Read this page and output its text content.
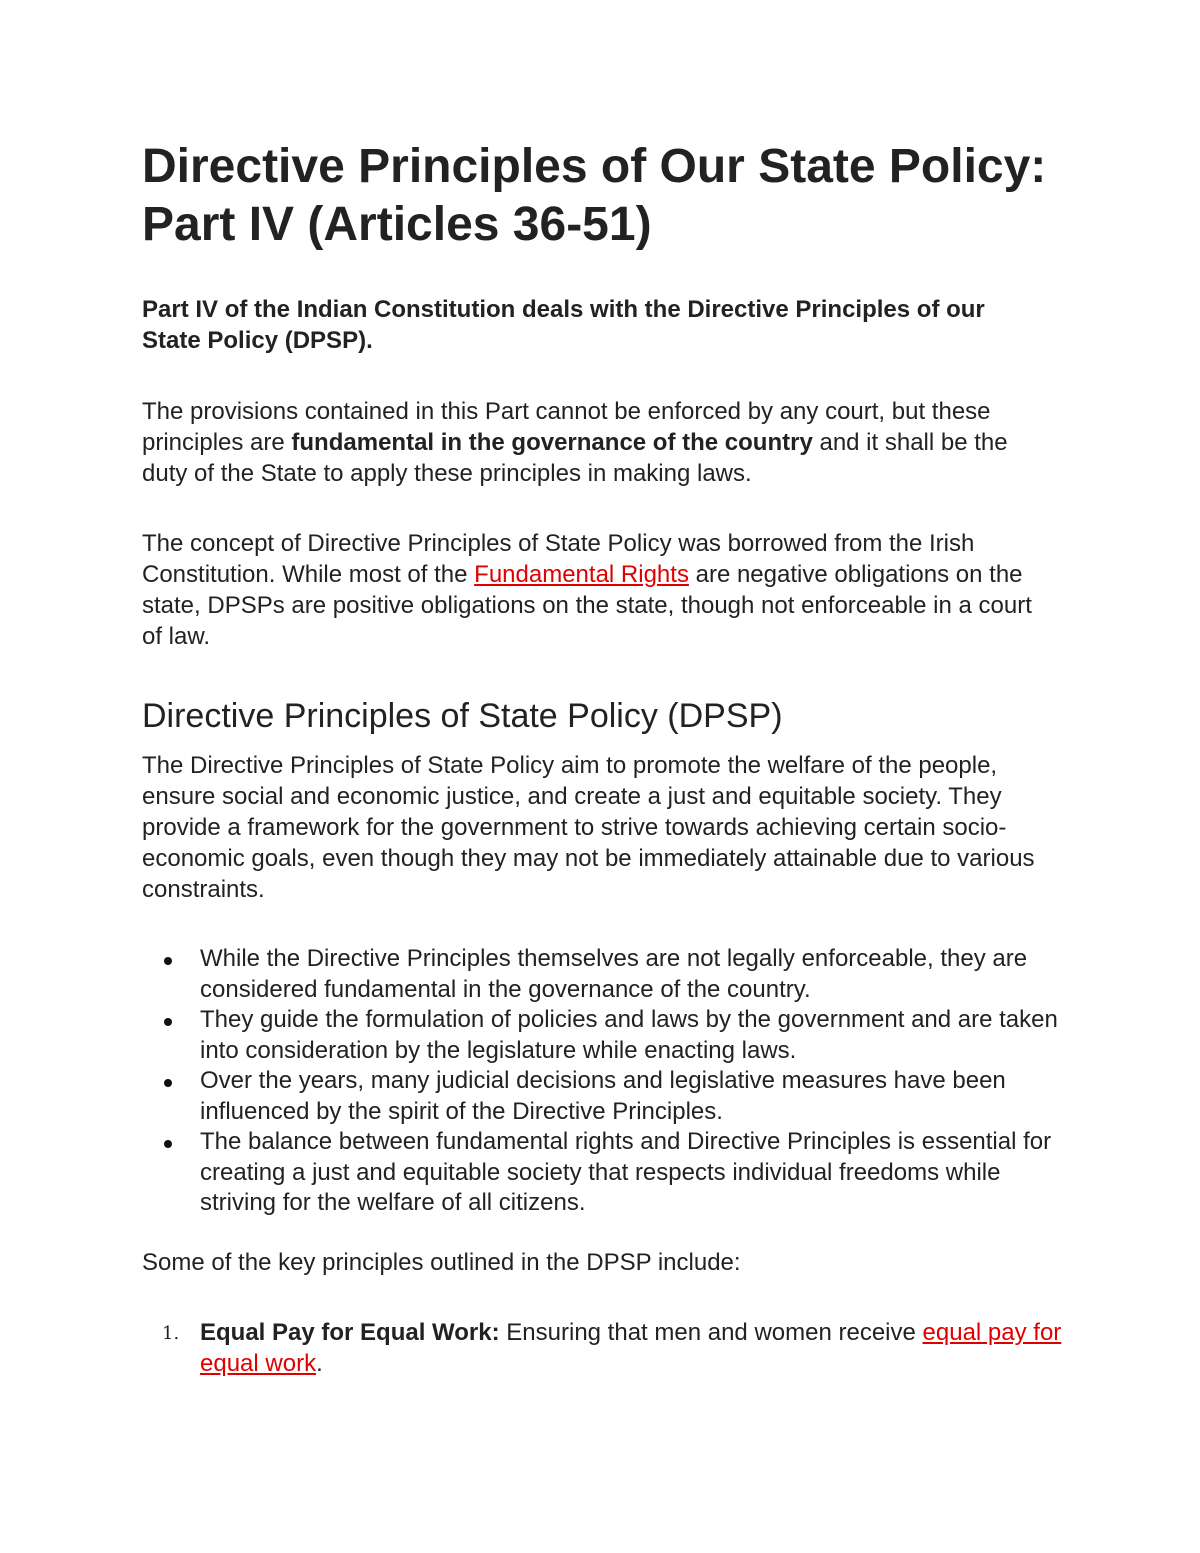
Directive Principles of Our State Policy:
Part IV (Articles 36-51)

Part IV of the Indian Constitution deals with the Directive Principles of our State Policy (DPSP).

The provisions contained in this Part cannot be enforced by any court, but these principles are fundamental in the governance of the country and it shall be the duty of the State to apply these principles in making laws.

The concept of Directive Principles of State Policy was borrowed from the Irish Constitution. While most of the Fundamental Rights are negative obligations on the state, DPSPs are positive obligations on the state, though not enforceable in a court of law.

Directive Principles of State Policy (DPSP)

The Directive Principles of State Policy aim to promote the welfare of the people, ensure social and economic justice, and create a just and equitable society. They provide a framework for the government to strive towards achieving certain socio-economic goals, even though they may not be immediately attainable due to various constraints.

While the Directive Principles themselves are not legally enforceable, they are considered fundamental in the governance of the country.
They guide the formulation of policies and laws by the government and are taken into consideration by the legislature while enacting laws.
Over the years, many judicial decisions and legislative measures have been influenced by the spirit of the Directive Principles.
The balance between fundamental rights and Directive Principles is essential for creating a just and equitable society that respects individual freedoms while striving for the welfare of all citizens.

Some of the key principles outlined in the DPSP include:

1. Equal Pay for Equal Work: Ensuring that men and women receive equal pay for equal work.
